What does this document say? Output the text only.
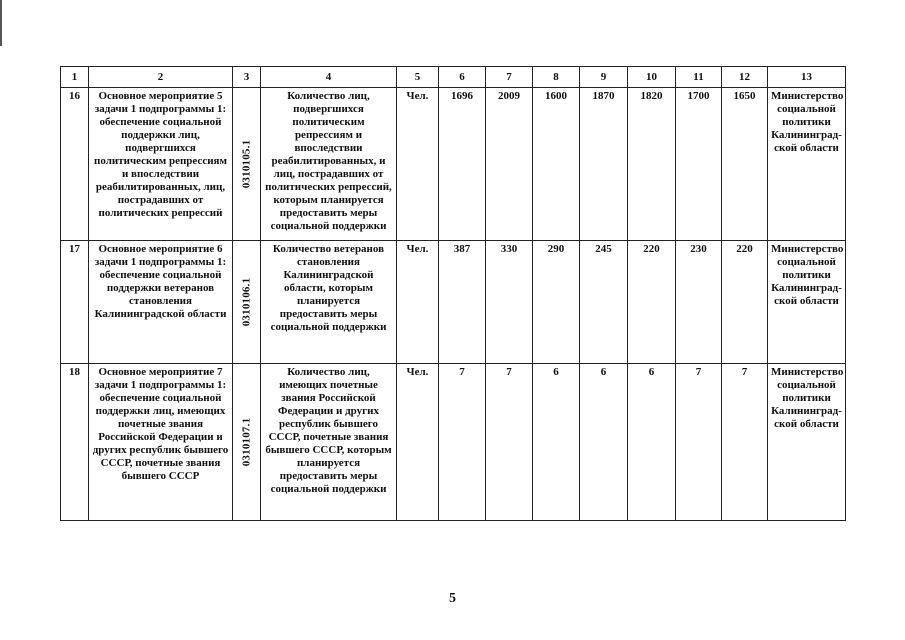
1	2	3	4	5	6	7	8	9	10	11	12	13
16	Основное мероприятие 5 задачи 1 подпрограммы 1: обеспечение социальной поддержки лиц, подвергшихся политическим репрессиям и впоследствии реабилитированных, лиц, пострадавших от политических репрессий	0310105.1	Количество лиц, подвергшихся политическим репрессиям и впоследствии реабилитированных, и лиц, пострадавших от политических репрессий, которым планируется предоставить меры социальной поддержки	Чел.	1696	2009	1600	1870	1820	1700	1650	Министерство социальной политики Калининград-ской области
17	Основное мероприятие 6 задачи 1 подпрограммы 1: обеспечение социальной поддержки ветеранов становления Калининградской области	0310106.1	Количество ветеранов становления Калининградской области, которым планируется предоставить меры социальной поддержки	Чел.	387	330	290	245	220	230	220	Министерство социальной политики Калининград-ской области
18	Основное мероприятие 7 задачи 1 подпрограммы 1: обеспечение социальной поддержки лиц, имеющих почетные звания Российской Федерации и других республик бывшего СССР, почетные звания бывшего СССР	0310107.1	Количество лиц, имеющих почетные звания Российской Федерации и других республик бывшего СССР, почетные звания бывшего СССР, которым планируется предоставить меры социальной поддержки	Чел.	7	7	6	6	6	7	7	Министерство социальной политики Калининград-ской области
5
